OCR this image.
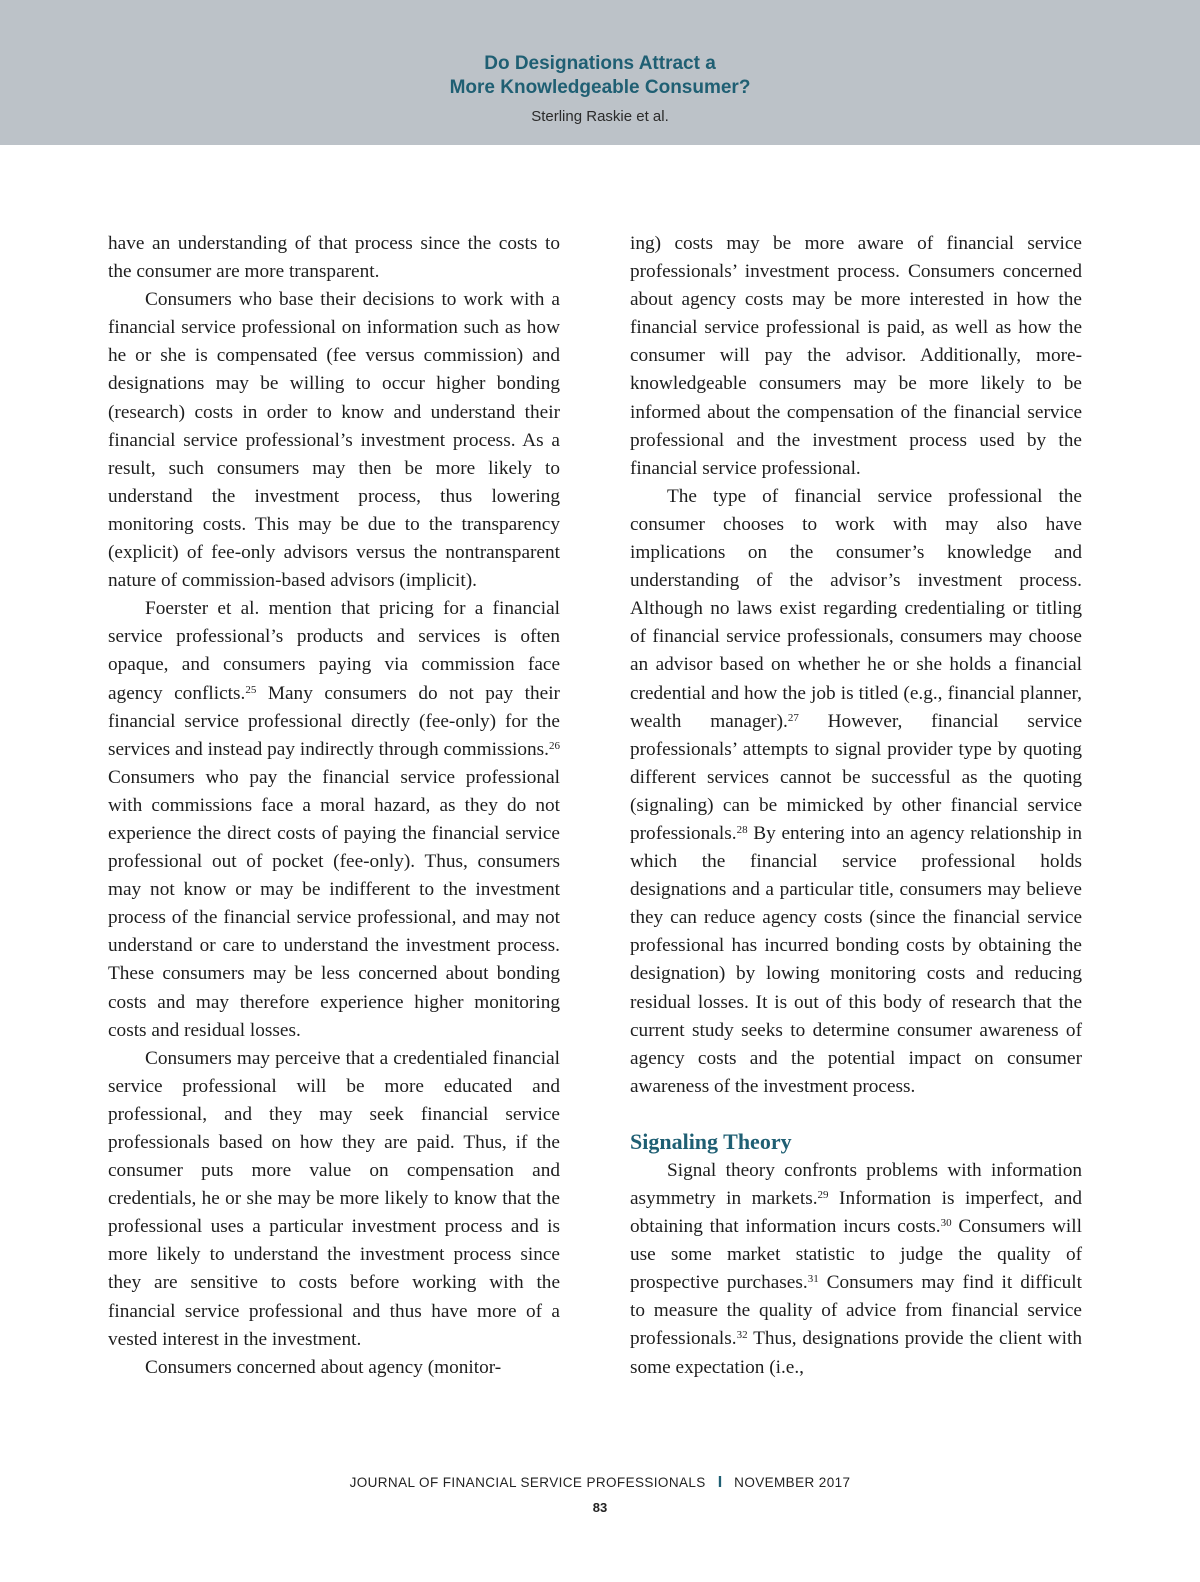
Do Designations Attract a
More Knowledgeable Consumer?
Sterling Raskie et al.

have an understanding of that process since the costs to the consumer are more transparent.

Consumers who base their decisions to work with a financial service professional on information such as how he or she is compensated (fee versus commission) and designations may be willing to occur higher bonding (research) costs in order to know and understand their financial service professional’s investment process. As a result, such consumers may then be more likely to understand the investment process, thus lowering monitoring costs. This may be due to the transparency (explicit) of fee-only advisors versus the nontransparent nature of commission-based advisors (implicit).

Foerster et al. mention that pricing for a financial service professional’s products and services is often opaque, and consumers paying via commission face agency conflicts.$^{25}$ Many consumers do not pay their financial service professional directly (fee-only) for the services and instead pay indirectly through commissions.$^{26}$ Consumers who pay the financial service professional with commissions face a moral hazard, as they do not experience the direct costs of paying the financial service professional out of pocket (fee-only). Thus, consumers may not know or may be indifferent to the investment process of the financial service professional, and may not understand or care to understand the investment process. These consumers may be less concerned about bonding costs and may therefore experience higher monitoring costs and residual losses.

Consumers may perceive that a credentialed financial service professional will be more educated and professional, and they may seek financial service professionals based on how they are paid. Thus, if the consumer puts more value on compensation and credentials, he or she may be more likely to know that the professional uses a particular investment process and is more likely to understand the investment process since they are sensitive to costs before working with the financial service professional and thus have more of a vested interest in the investment.

Consumers concerned about agency (monitor-

ing) costs may be more aware of financial service professionals’ investment process. Consumers concerned about agency costs may be more interested in how the financial service professional is paid, as well as how the consumer will pay the advisor. Additionally, more-knowledgeable consumers may be more likely to be informed about the compensation of the financial service professional and the investment process used by the financial service professional.

The type of financial service professional the consumer chooses to work with may also have implications on the consumer’s knowledge and understanding of the advisor’s investment process. Although no laws exist regarding credentialing or titling of financial service professionals, consumers may choose an advisor based on whether he or she holds a financial credential and how the job is titled (e.g., financial planner, wealth manager).$^{27}$ However, financial service professionals’ attempts to signal provider type by quoting different services cannot be successful as the quoting (signaling) can be mimicked by other financial service professionals.$^{28}$ By entering into an agency relationship in which the financial service professional holds designations and a particular title, consumers may believe they can reduce agency costs (since the financial service professional has incurred bonding costs by obtaining the designation) by lowing monitoring costs and reducing residual losses. It is out of this body of research that the current study seeks to determine consumer awareness of agency costs and the potential impact on consumer awareness of the investment process.

Signaling Theory

Signal theory confronts problems with information asymmetry in markets.$^{29}$ Information is imperfect, and obtaining that information incurs costs.$^{30}$ Consumers will use some market statistic to judge the quality of prospective purchases.$^{31}$ Consumers may find it difficult to measure the quality of advice from financial service professionals.$^{32}$ Thus, designations provide the client with some expectation (i.e.,

JOURNAL OF FINANCIAL SERVICE PROFESSIONALS I NOVEMBER 2017
83
